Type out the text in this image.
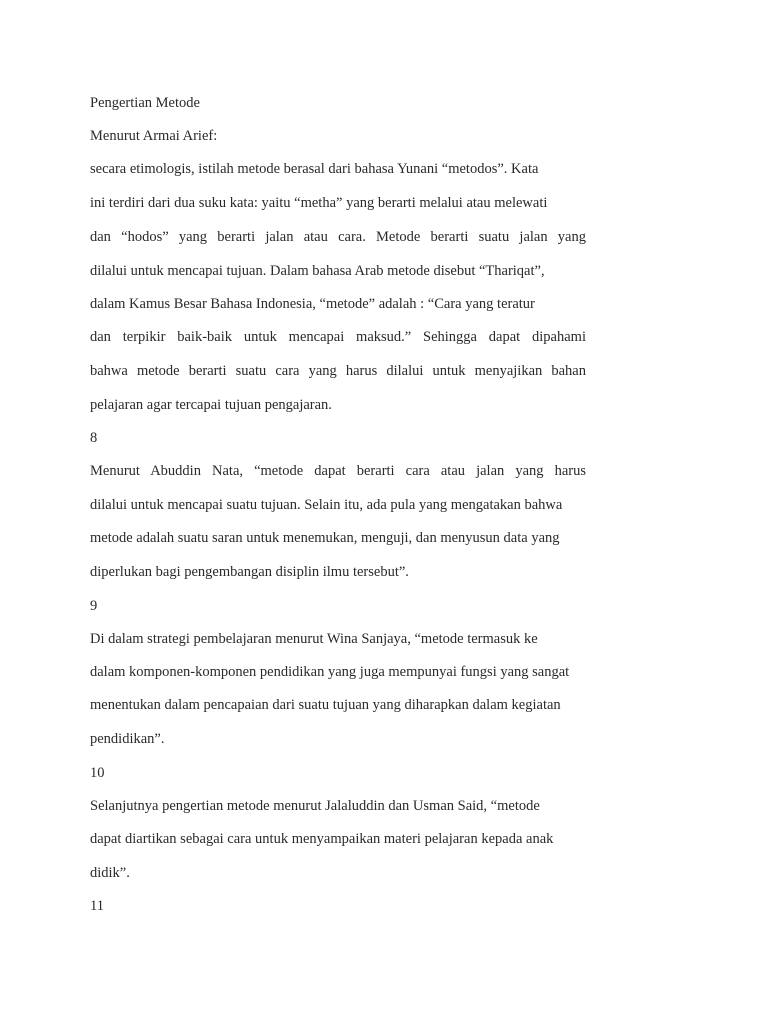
Pengertian Metode
Menurut Armai Arief:
secara etimologis, istilah metode berasal dari bahasa Yunani “metodos”. Kata
ini terdiri dari dua suku kata: yaitu “metha” yang berarti melalui atau melewati
dan “hodos” yang berarti jalan atau cara. Metode berarti suatu jalan yang
dilalui untuk mencapai tujuan. Dalam bahasa Arab metode disebut “Thariqat”,
dalam Kamus Besar Bahasa Indonesia, “metode” adalah : “Cara yang teratur
dan terpikir baik-baik untuk mencapai maksud.” Sehingga dapat dipahami
bahwa metode berarti suatu cara yang harus dilalui untuk menyajikan bahan
pelajaran agar tercapai tujuan pengajaran.
8
Menurut Abuddin Nata, “metode dapat berarti cara atau jalan yang harus
dilalui untuk mencapai suatu tujuan. Selain itu, ada pula yang mengatakan bahwa
metode adalah suatu saran untuk menemukan, menguji, dan menyusun data yang
diperlukan bagi pengembangan disiplin ilmu tersebut”.
9
Di dalam strategi pembelajaran menurut Wina Sanjaya, “metode termasuk ke
dalam komponen-komponen pendidikan yang juga mempunyai fungsi yang sangat
menentukan dalam pencapaian dari suatu tujuan yang diharapkan dalam kegiatan
pendidikan”.
10
Selanjutnya pengertian metode menurut Jalaluddin dan Usman Said, “metode
dapat diartikan sebagai cara untuk menyampaikan materi pelajaran kepada anak
didik”.
11
